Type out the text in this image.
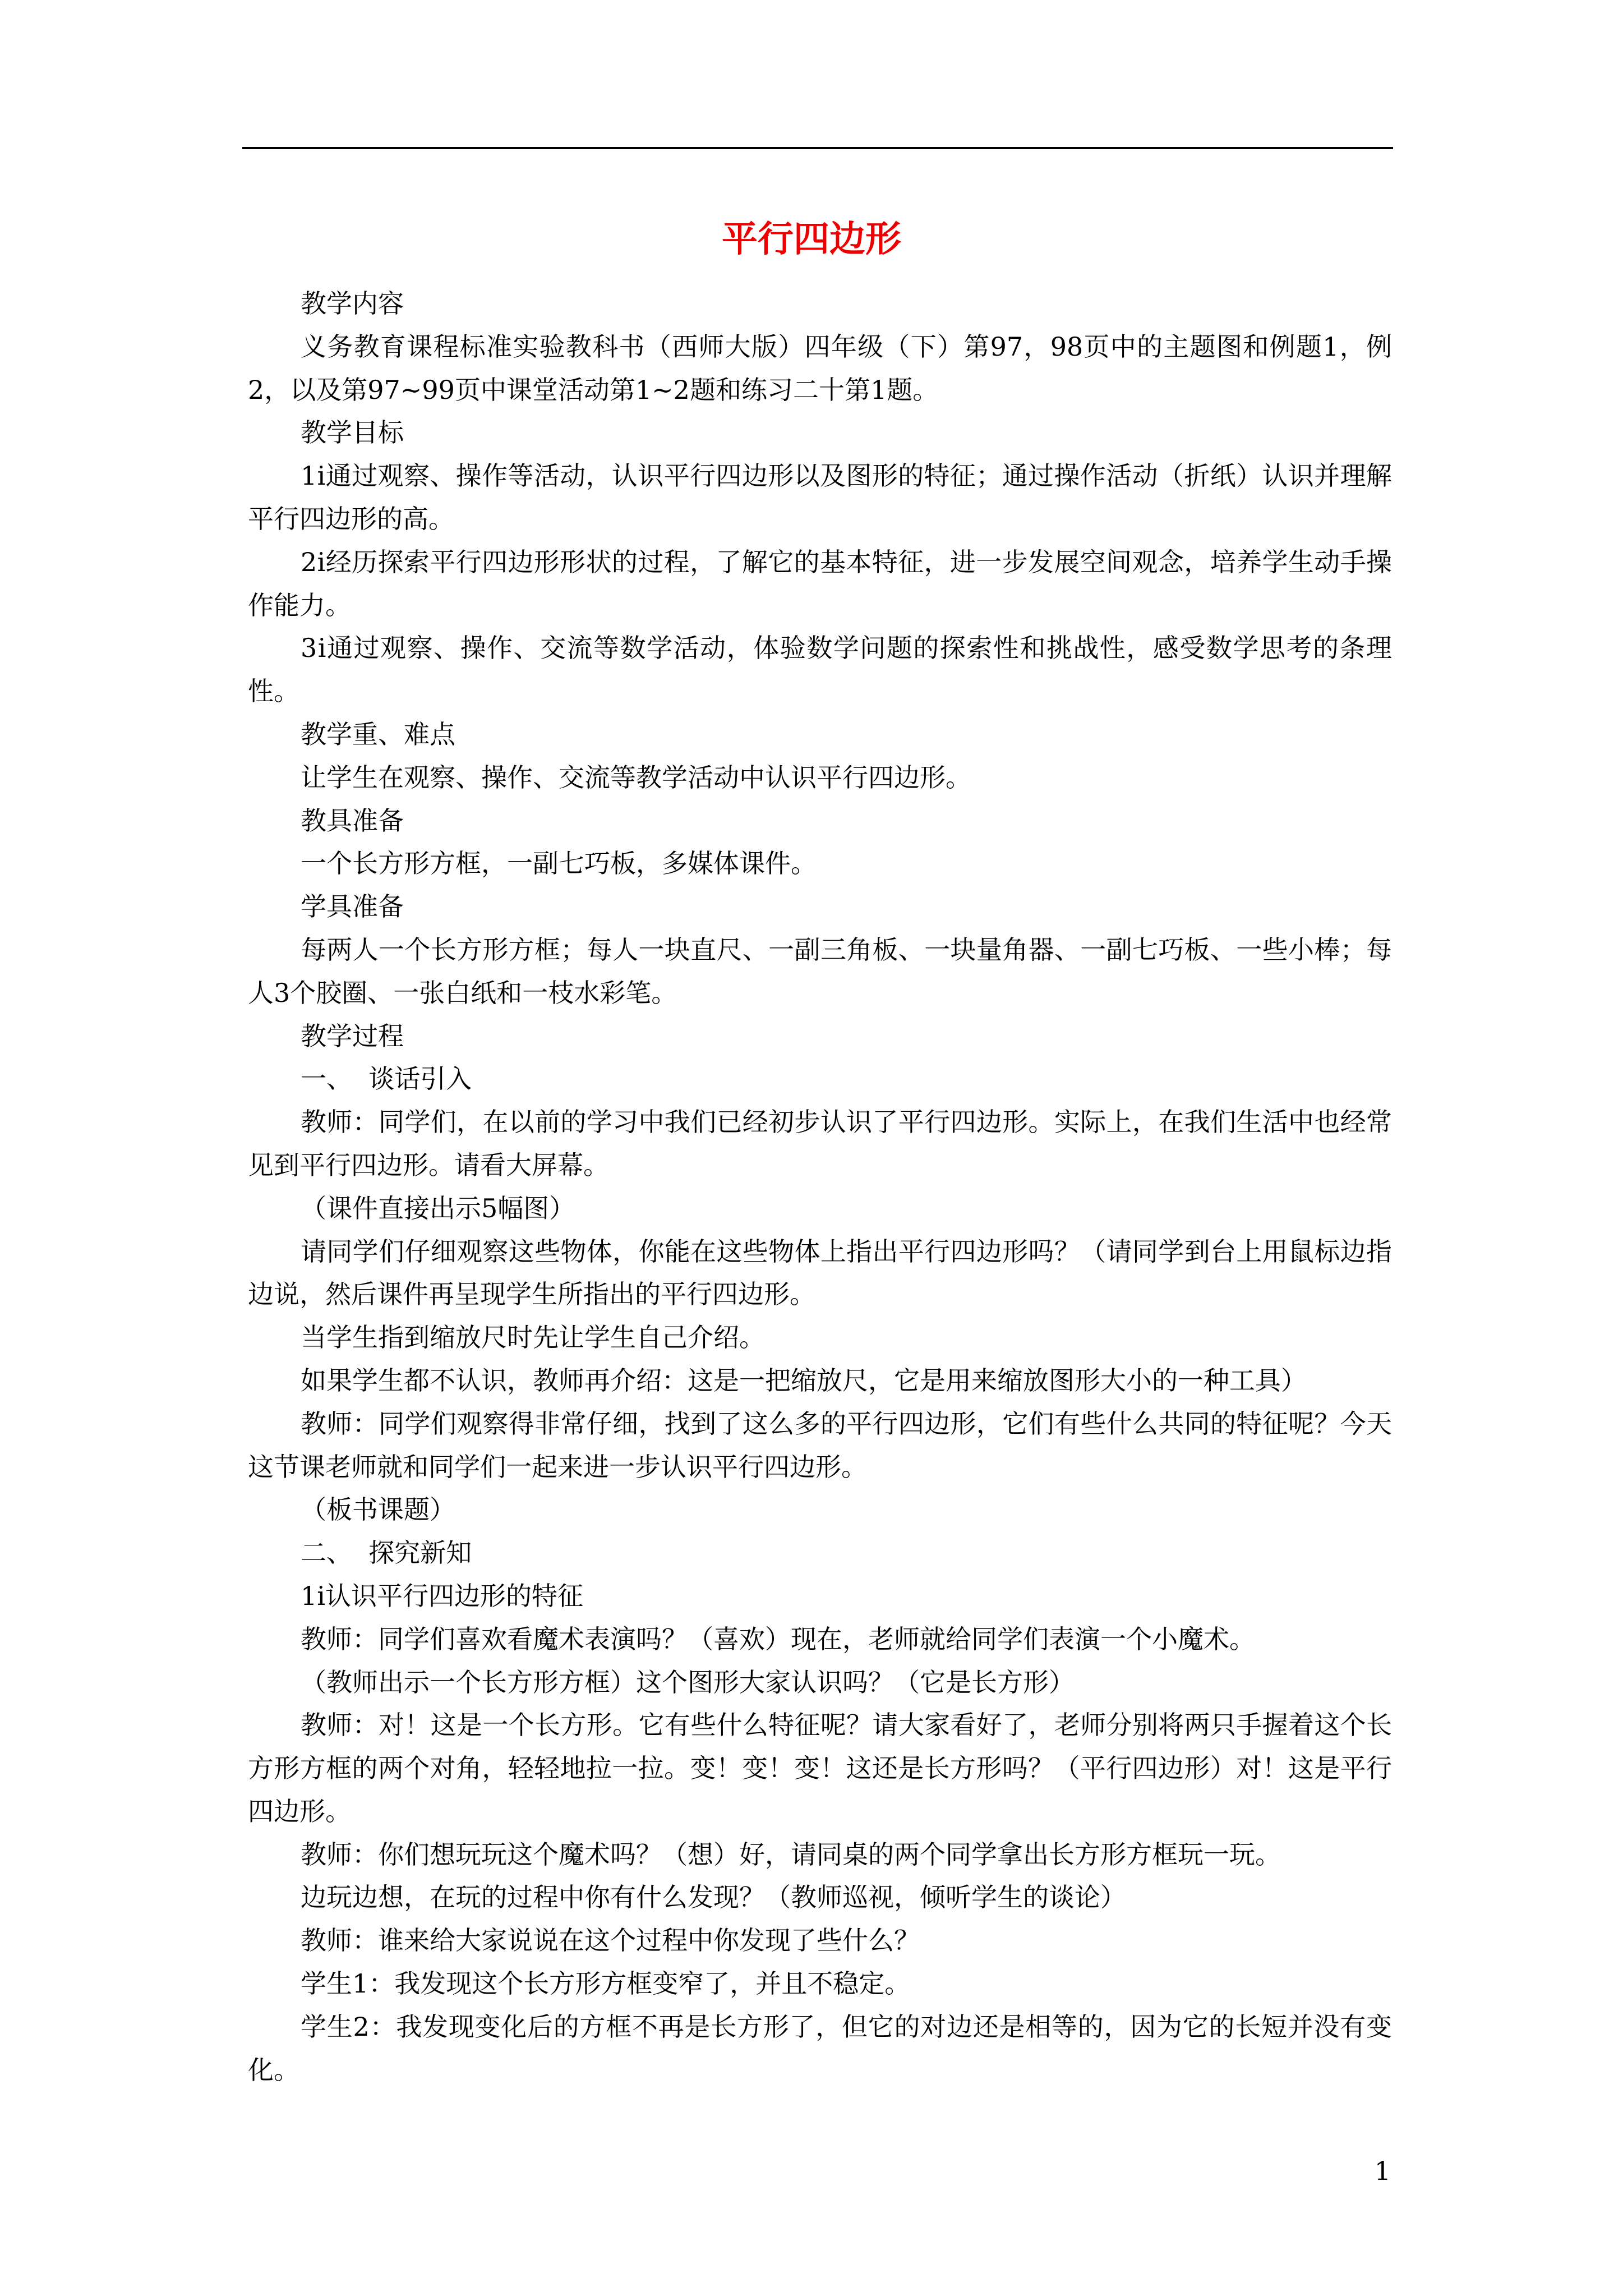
平行四边形

教学内容

义务教育课程标准实验教科书（西师大版）四年级（下）第97，98页中的主题图和例题1，例2，以及第97~99页中课堂活动第1~2题和练习二十第1题。

教学目标

1ⅰ通过观察、操作等活动，认识平行四边形以及图形的特征；通过操作活动（折纸）认识并理解平行四边形的高。

2ⅰ经历探索平行四边形形状的过程，了解它的基本特征，进一步发展空间观念，培养学生动手操作能力。

3ⅰ通过观察、操作、交流等数学活动，体验数学问题的探索性和挑战性，感受数学思考的条理性。

教学重、难点

让学生在观察、操作、交流等教学活动中认识平行四边形。

教具准备

一个长方形方框，一副七巧板，多媒体课件。

学具准备

每两人一个长方形方框；每人一块直尺、一副三角板、一块量角器、一副七巧板、一些小棒；每人3个胶圈、一张白纸和一枝水彩笔。

教学过程

一、  谈话引入

教师：同学们，在以前的学习中我们已经初步认识了平行四边形。实际上，在我们生活中也经常见到平行四边形。请看大屏幕。

（课件直接出示5幅图）

请同学们仔细观察这些物体，你能在这些物体上指出平行四边形吗？（请同学到台上用鼠标边指边说，然后课件再呈现学生所指出的平行四边形。

当学生指到缩放尺时先让学生自己介绍。

如果学生都不认识，教师再介绍：这是一把缩放尺，它是用来缩放图形大小的一种工具）

教师：同学们观察得非常仔细，找到了这么多的平行四边形，它们有些什么共同的特征呢？今天这节课老师就和同学们一起来进一步认识平行四边形。

（板书课题）

二、  探究新知

1ⅰ认识平行四边形的特征

教师：同学们喜欢看魔术表演吗？（喜欢）现在，老师就给同学们表演一个小魔术。

（教师出示一个长方形方框）这个图形大家认识吗？（它是长方形）

教师：对！这是一个长方形。它有些什么特征呢？请大家看好了，老师分别将两只手握着这个长方形方框的两个对角，轻轻地拉一拉。变！变！变！这还是长方形吗？（平行四边形）对！这是平行四边形。

教师：你们想玩玩这个魔术吗？（想）好，请同桌的两个同学拿出长方形方框玩一玩。

边玩边想，在玩的过程中你有什么发现？（教师巡视，倾听学生的谈论）

教师：谁来给大家说说在这个过程中你发现了些什么？

学生1：我发现这个长方形方框变窄了，并且不稳定。

学生2：我发现变化后的方框不再是长方形了，但它的对边还是相等的，因为它的长短并没有变化。

1
